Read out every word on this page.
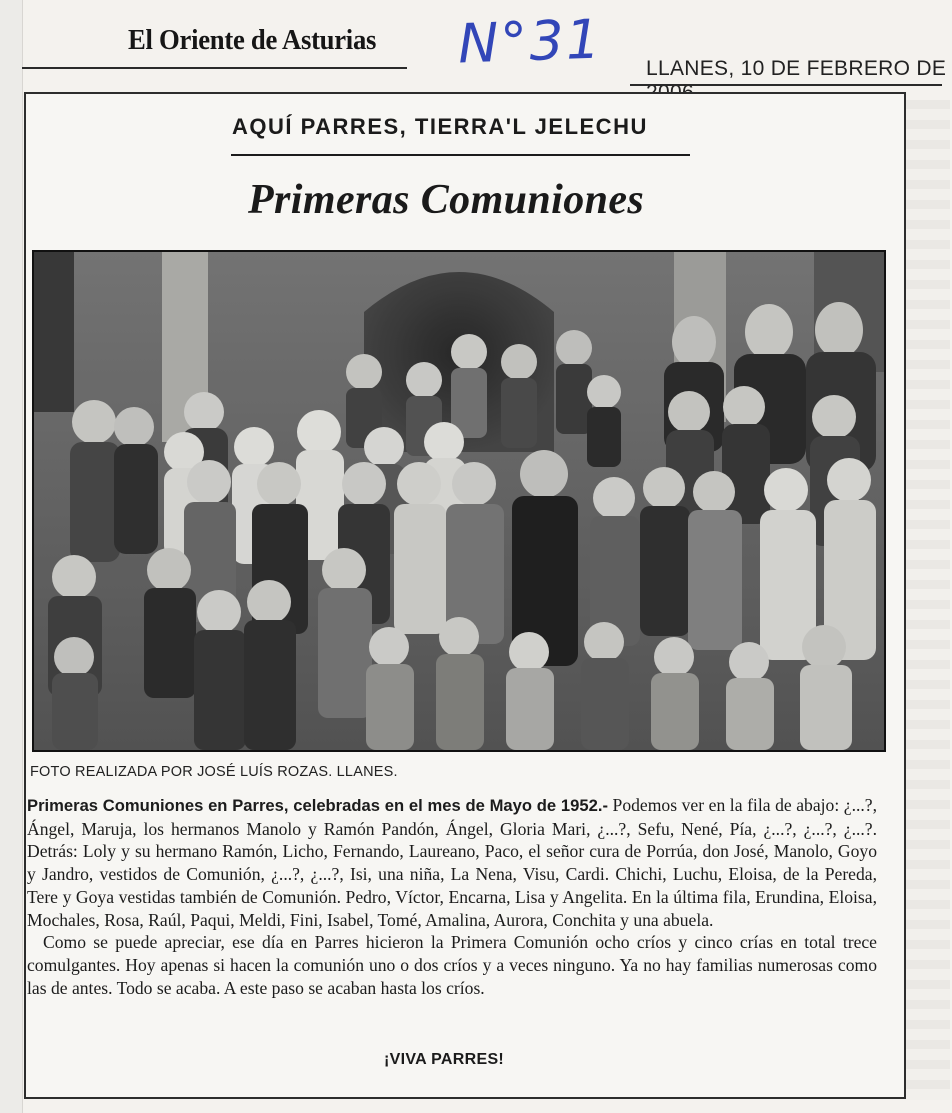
El Oriente de Asturias N°31 LLANES, 10 DE FEBRERO DE
AQUÍ PARRES, TIERRA'L JELECHU
Primeras Comuniones
FOTO REALIZADA POR JOSÉ LUÍS ROZAS. LLANES.

Primeras Comuniones en Parres, celebradas en el mes de Mayo de 1952.- Podemos ver en la fila de abajo: ¿...?, Ángel, Maruja, los hermanos Manolo y Ramón Pandón, Ángel, Gloria Mari, ¿...?, Sefu, Nené, Pía, ¿...?, ¿...?, ¿...?. Detrás: Loly y su hermano Ramón, Licho, Fernando, Laureano, Paco, el señor cura de Porrúa, don José, Manolo, Goyo y Jandro, vestidos de Comunión, ¿...?, ¿...?, Isi, una niña, La Nena, Visu, Cardi. Chichi, Luchu, Eloisa, de la Pereda, Tere y Goya vestidas también de Comunión. Pedro, Víctor, Encarna, Lisa y Angelita. En la última fila, Erundina, Eloisa, Mochales, Rosa, Raúl, Paqui, Meldi, Fini, Isabel, Tomé, Amalina, Aurora, Conchita y una abuela.

Como se puede apreciar, ese día en Parres hicieron la Primera Comunión ocho críos y cinco crías en total trece comulgantes. Hoy apenas si hacen la comunión uno o dos críos y a veces ninguno. Ya no hay familias numerosas como las de antes. Todo se acaba. A este paso se acaban hasta los críos.

¡VIVA PARRES!
